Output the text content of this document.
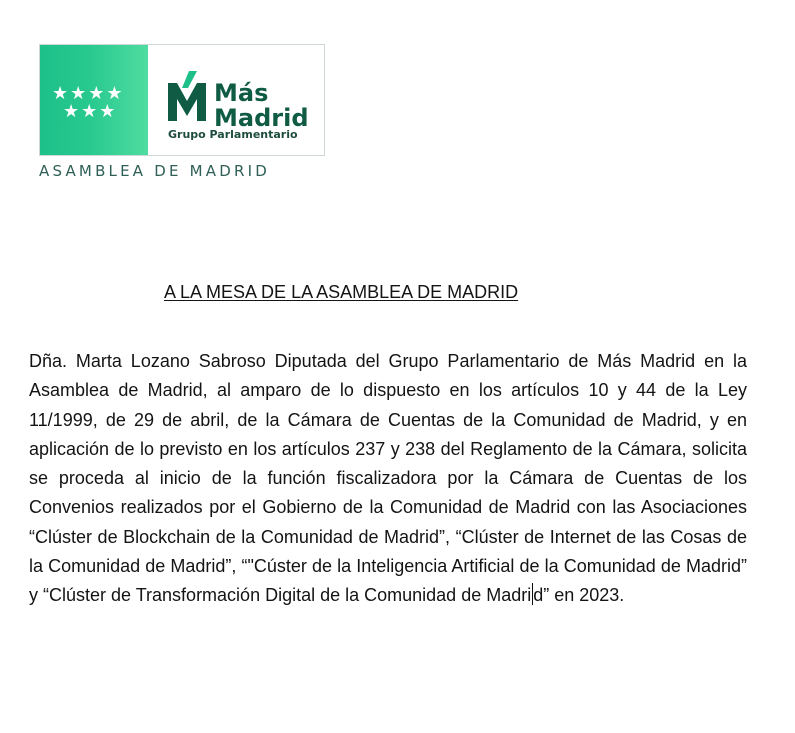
★★★★
★★★
Más
Madrid
Grupo Parlamentario
ASAMBLEA DE MADRID
A LA MESA DE LA ASAMBLEA DE MADRID
Dña. Marta Lozano Sabroso Diputada del Grupo Parlamentario de Más Madrid en la Asamblea de Madrid, al amparo de lo dispuesto en los artículos 10 y 44 de la Ley 11/1999, de 29 de abril, de la Cámara de Cuentas de la Comunidad de Madrid, y en aplicación de lo previsto en los artículos 237 y 238 del Reglamento de la Cámara, solicita se proceda al inicio de la función fiscalizadora por la Cámara de Cuentas de los Convenios realizados por el Gobierno de la Comunidad de Madrid con las Asociaciones “Clúster de Blockchain de la Comunidad de Madrid”, “Clúster de Internet de las Cosas de la Comunidad de Madrid”, “"Cúster de la Inteligencia Artificial de la Comunidad de Madrid” y “Clúster de Transformación Digital de la Comunidad de Madri d” en 2023.
